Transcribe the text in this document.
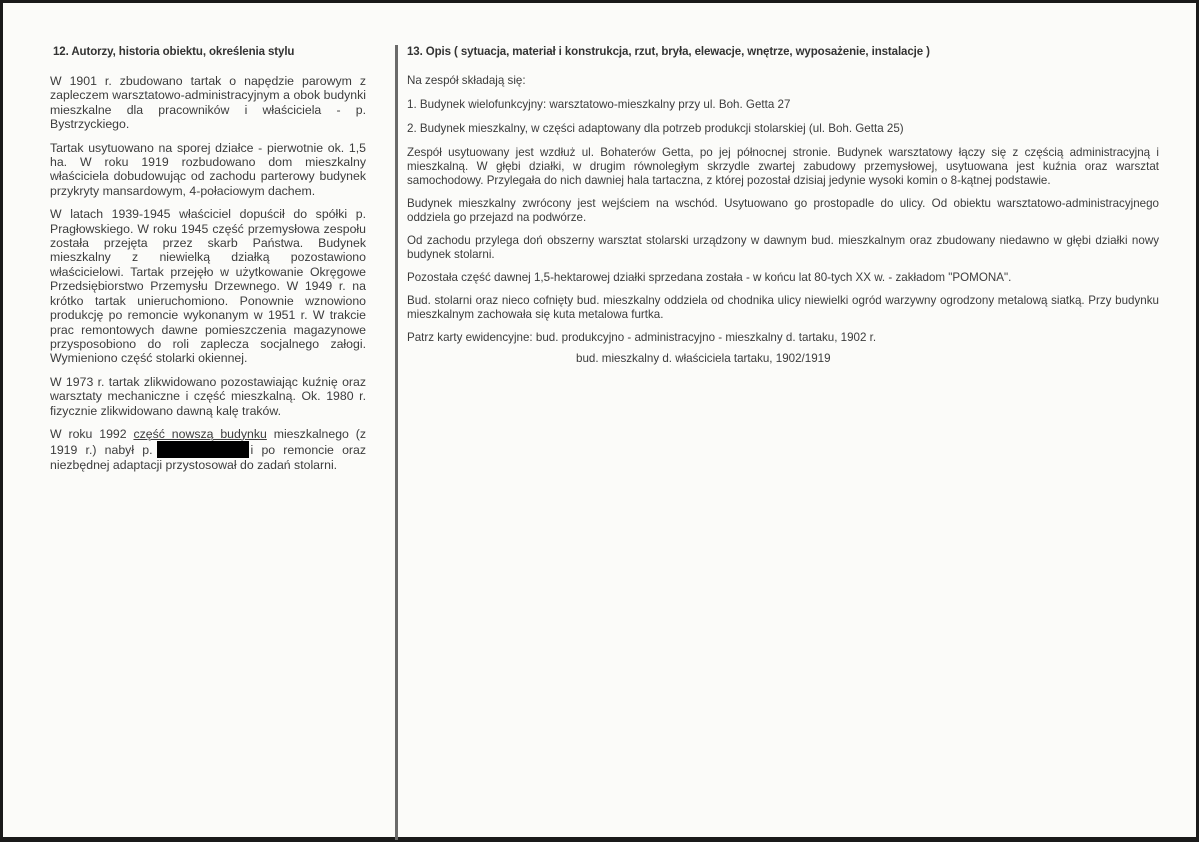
12. Autorzy, historia obiektu, określenia stylu

W 1901 r. zbudowano tartak o napędzie parowym z zapleczem warsztatowo-administracyjnym a obok budynki mieszkalne dla pracowników i właściciela - p. Bystrzyckiego.

Tartak usytuowano na sporej działce - pierwotnie ok. 1,5 ha. W roku 1919 rozbudowano dom mieszkalny właściciela dobudowując od zachodu parterowy budynek przykryty mansardowym, 4-połaciowym dachem.

W latach 1939-1945 właściciel dopuścił do spółki p. Pragłowskiego. W roku 1945 część przemysłowa zespołu została przejęta przez skarb Państwa. Budynek mieszkalny z niewielką działką pozostawiono właścicielowi. Tartak przejęło w użytkowanie Okręgowe Przedsiębiorstwo Przemysłu Drzewnego. W 1949 r. na krótko tartak unieruchomiono. Ponownie wznowiono produkcję po remoncie wykonanym w 1951 r. W trakcie prac remontowych dawne pomieszczenia magazynowe przysposobiono do roli zaplecza socjalnego załogi. Wymieniono część stolarki okiennej.

W 1973 r. tartak zlikwidowano pozostawiając kuźnię oraz warsztaty mechaniczne i część mieszkalną. Ok. 1980 r. fizycznie zlikwidowano dawną kalę traków.

W roku 1992 część nowszą budynku mieszkalnego (z 1919 r.) nabył p.	i po remoncie oraz niezbędnej adaptacji przystosował do zadań stolarni.

13. Opis ( sytuacja, materiał i konstrukcja, rzut, bryła, elewacje, wnętrze, wyposażenie, instalacje )

Na zespół składają się:

1. Budynek wielofunkcyjny: warsztatowo-mieszkalny przy ul. Boh. Getta 27

2. Budynek mieszkalny, w części adaptowany dla potrzeb produkcji stolarskiej (ul. Boh. Getta 25)

Zespół usytuowany jest wzdłuż ul. Bohaterów Getta, po jej północnej stronie. Budynek warsztatowy łączy się z częścią administracyjną i mieszkalną. W głębi działki, w drugim równoległym skrzydle zwartej zabudowy przemysłowej, usytuowana jest kuźnia oraz warsztat samochodowy. Przylegała do nich dawniej hala tartaczna, z której pozostał dzisiaj jedynie wysoki komin o 8-kątnej podstawie.

Budynek mieszkalny zwrócony jest wejściem na wschód. Usytuowano go prostopadle do ulicy. Od obiektu warsztatowo-administracyjnego oddziela go przejazd na podwórze.

Od zachodu przylega doń obszerny warsztat stolarski urządzony w dawnym bud. mieszkalnym oraz zbudowany niedawno w głębi działki nowy budynek stolarni.

Pozostała część dawnej 1,5-hektarowej działki sprzedana została - w końcu lat 80-tych XX w. - zakładom "POMONA".

Bud. stolarni oraz nieco cofnięty bud. mieszkalny oddziela od chodnika ulicy niewielki ogród warzywny ogrodzony metalową siatką. Przy budynku mieszkalnym zachowała się kuta metalowa furtka.

Patrz karty ewidencyjne: bud. produkcyjno - administracyjno - mieszkalny d. tartaku, 1902 r.

bud. mieszkalny d. właściciela tartaku, 1902/1919
